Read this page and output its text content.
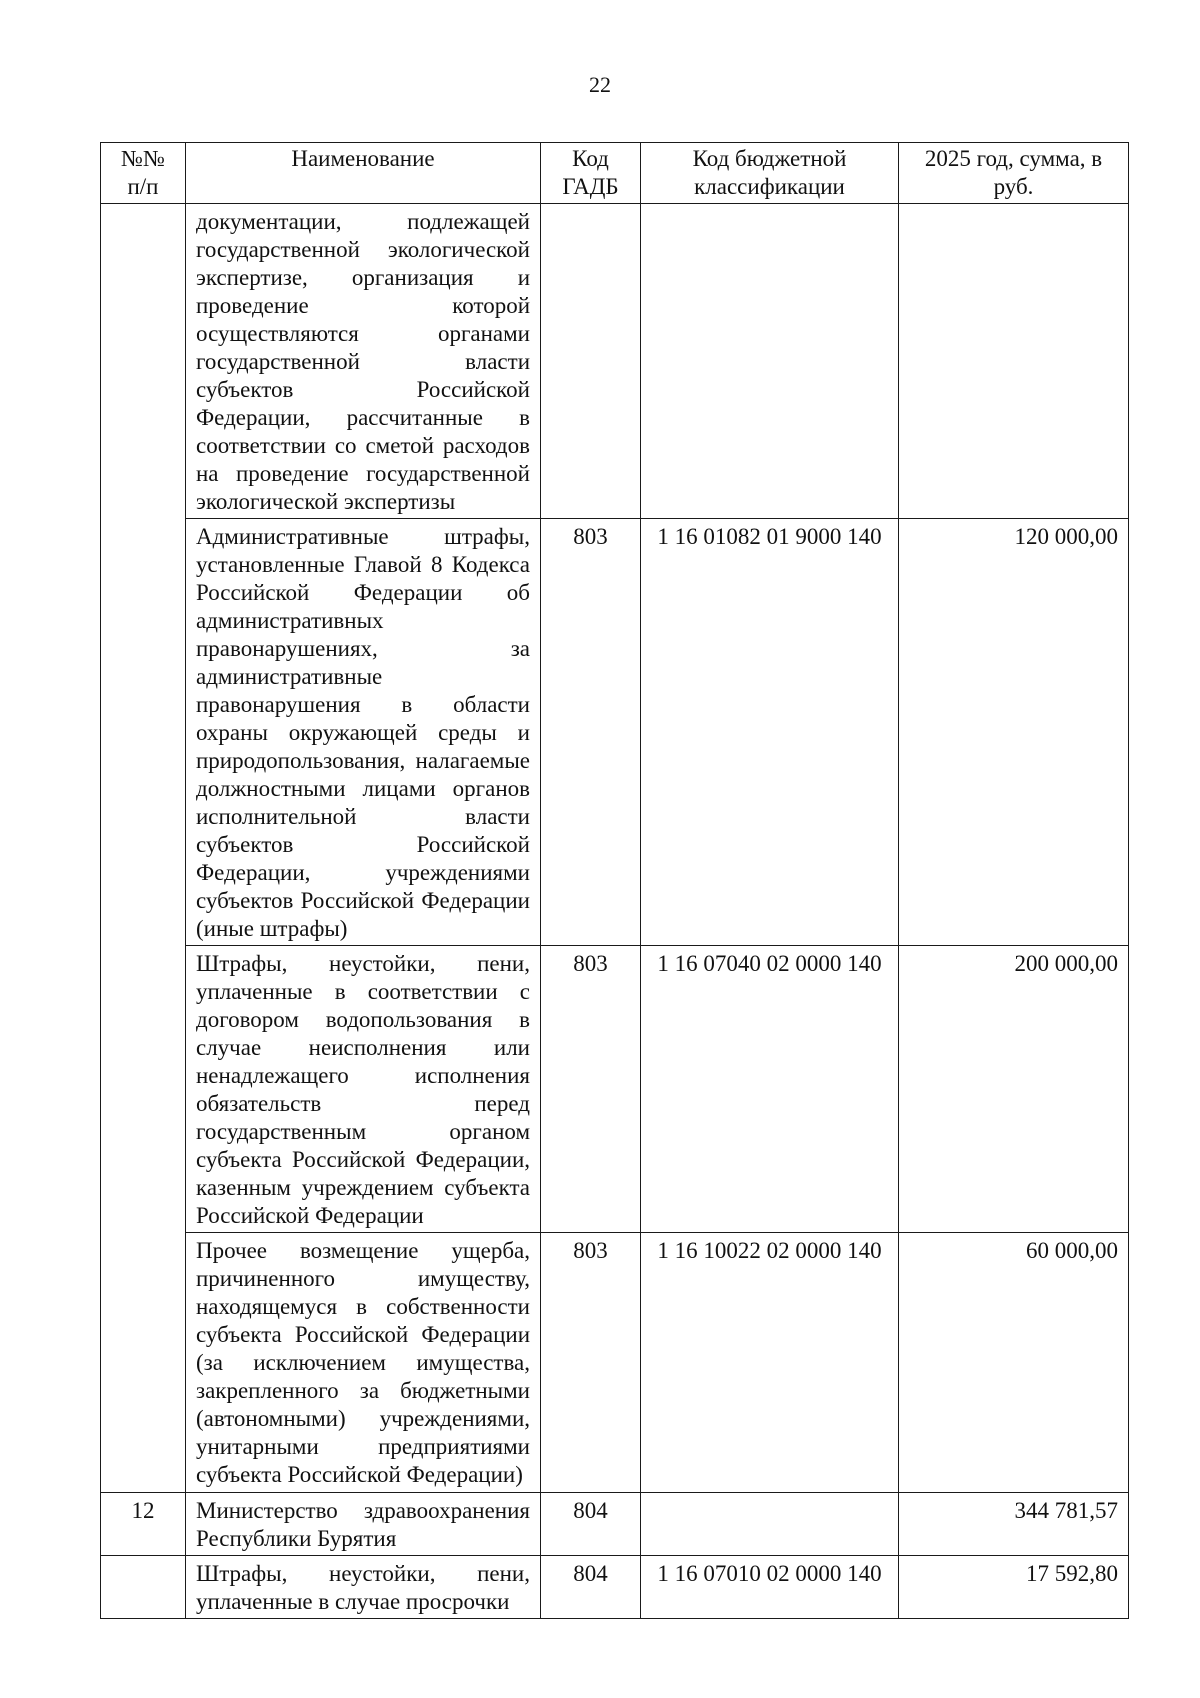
22
№№ п/п	Наименование	Код ГАДБ	Код бюджетной классификации	2025 год, сумма, в руб.
	документации, подлежащей государственной экологической экспертизе, организация и проведение которой осуществляются органами государственной власти субъектов Российской Федерации, рассчитанные в соответствии со сметой расходов на проведение государственной экологической экспертизы			
	Административные штрафы, установленные Главой 8 Кодекса Российской Федерации об административных правонарушениях, за административные правонарушения в области охраны окружающей среды и природопользования, налагаемые должностными лицами органов исполнительной власти субъектов Российской Федерации, учреждениями субъектов Российской Федерации (иные штрафы)	803	1 16 01082 01 9000 140	120 000,00
	Штрафы, неустойки, пени, уплаченные в соответствии с договором водопользования в случае неисполнения или ненадлежащего исполнения обязательств перед государственным органом субъекта Российской Федерации, казенным учреждением субъекта Российской Федерации	803	1 16 07040 02 0000 140	200 000,00
	Прочее возмещение ущерба, причиненного имуществу, находящемуся в собственности субъекта Российской Федерации (за исключением имущества, закрепленного за бюджетными (автономными) учреждениями, унитарными предприятиями субъекта Российской Федерации)	803	1 16 10022 02 0000 140	60 000,00
12	Министерство здравоохранения Республики Бурятия	804		344 781,57
	Штрафы, неустойки, пени, уплаченные в случае просрочки	804	1 16 07010 02 0000 140	17 592,80
